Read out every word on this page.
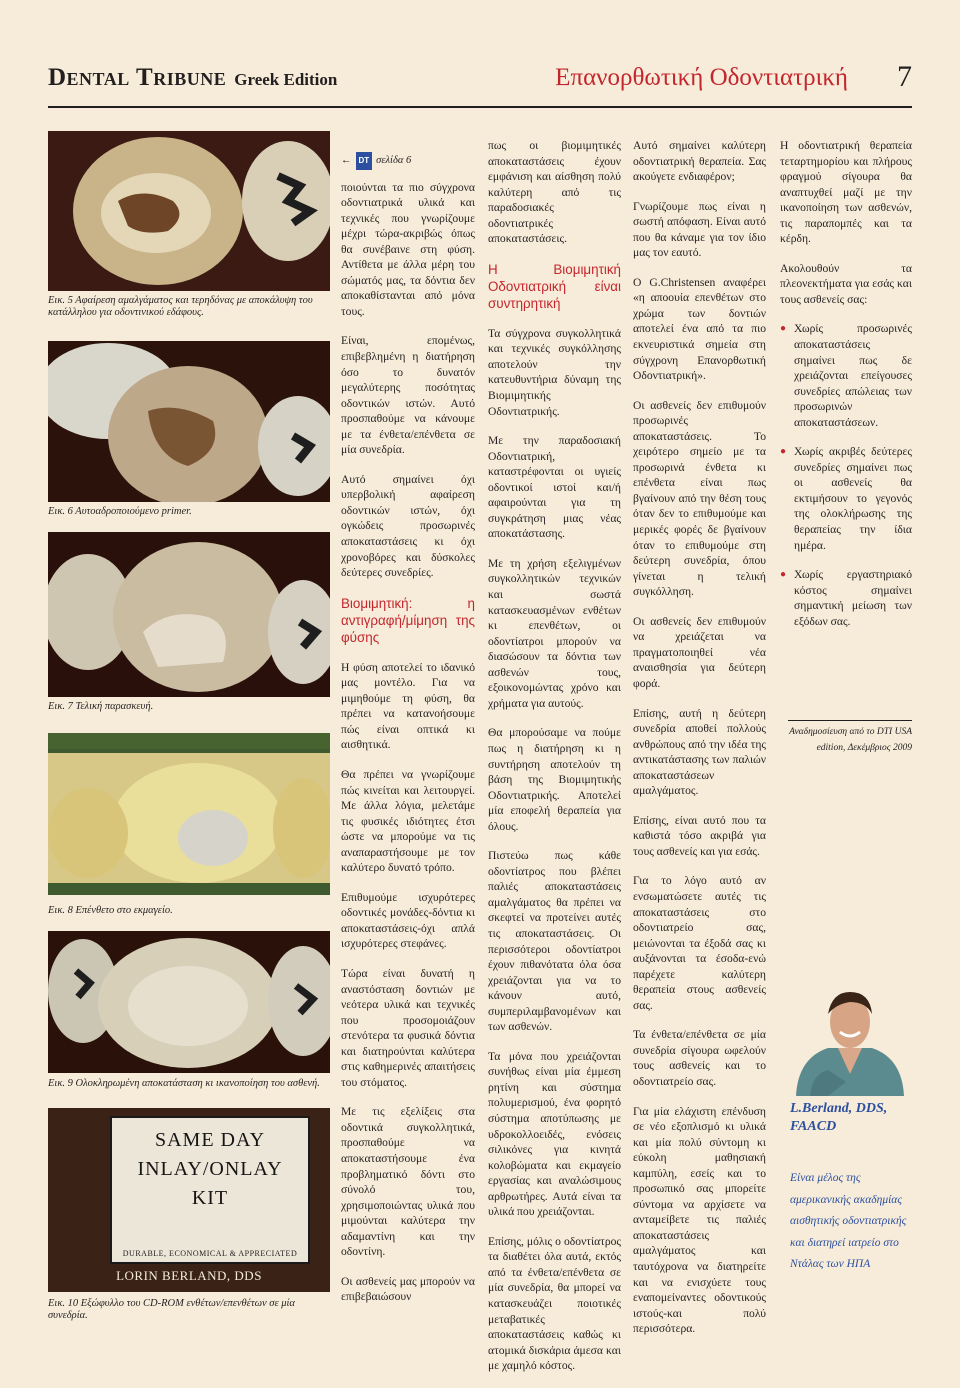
Dental Tribune Greek Edition	Επανορθωτική Οδοντιατρική 7
Εικ. 5 Αφαίρεση αμαλγάματος και τερηδόνας με αποκάλυψη του κατάλληλου για οδοντινικού εδάφους.
Εικ. 6 Αυτοαδροποιούμενο primer.
Εικ. 7 Τελική παρασκευή.
Εικ. 8 Επένθετο στο εκμαγείο.
Εικ. 9 Ολοκληρωμένη αποκατάσταση κι ικανοποίηση του ασθενή.
SAME DAY
INLAY/ONLAY
KIT
DURABLE, ECONOMICAL & APPRECIATED
LORIN BERLAND, DDS
Εικ. 10 Εξώφυλλο του CD-ROM ενθέτων/επενθέτων σε μία συνεδρία.
← DT σελίδα 6

ποιούνται τα πιο σύγχρονα οδοντιατρικά υλικά και τεχνικές που γνωρίζουμε μέχρι τώρα-ακριβώς όπως θα συνέβαινε στη φύση. Αντίθετα με άλλα μέρη του σώματός μας, τα δόντια δεν αποκαθίστανται από μόνα τους.

Είναι, επομένως, επιβεβλημένη η διατήρηση όσο το δυνατόν μεγαλύτερης ποσότητας οδοντικών ιστών. Αυτό προσπαθούμε να κάνουμε με τα ένθετα/επένθετα σε μία συνεδρία.

Αυτό σημαίνει όχι υπερβολική αφαίρεση οδοντικών ιστών, όχι ογκώδεις προσωρινές αποκαταστάσεις κι όχι χρονοβόρες και δύσκολες δεύτερες συνεδρίες.

Βιομιμητική: η αντιγραφή/μίμηση της φύσης

Η φύση αποτελεί το ιδανικό μας μοντέλο. Για να μιμηθούμε τη φύση, θα πρέπει να κατανοήσουμε πώς είναι οπτικά κι αισθητικά.

Θα πρέπει να γνωρίζουμε πώς κινείται και λειτουργεί. Με άλλα λόγια, μελετάμε τις φυσικές ιδιότητες έτσι ώστε να μπορούμε να τις αναπαραστήσουμε με τον καλύτερο δυνατό τρόπο.

Επιθυμούμε ισχυρότερες οδοντικές μονάδες-δόντια κι αποκαταστάσεις-όχι απλά ισχυρότερες στεφάνες.

Τώρα είναι δυνατή η αναστόσταση δοντιών με νεότερα υλικά και τεχνικές που προσομοιάζουν στενότερα τα φυσικά δόντια και διατηρούνται καλύτερα στις καθημερινές απαιτήσεις του στόματος.

Με τις εξελίξεις στα οδοντικά συγκολλητικά, προσπαθούμε να αποκαταστήσουμε ένα προβληματικό δόντι στο σύνολό του, χρησιμοποιώντας υλικά που μιμούνται καλύτερα την αδαμαντίνη και την οδοντίνη.

Οι ασθενείς μας μπορούν να επιβεβαιώσουν

πως οι βιομιμητικές αποκαταστάσεις έχουν εμφάνιση και αίσθηση πολύ καλύτερη από τις παραδοσιακές οδοντιατρικές αποκαταστάσεις.

Η Βιομιμητική Οδοντιατρική είναι συντηρητική

Τα σύγχρονα συγκολλητικά και τεχνικές συγκόλλησης αποτελούν την κατευθυντήρια δύναμη της Βιομιμητικής Οδοντιατρικής.

Με την παραδοσιακή Οδοντιατρική, καταστρέφονται οι υγιείς οδοντικοί ιστοί και/ή αφαιρούνται για τη συγκράτηση μιας νέας αποκατάστασης.

Με τη χρήση εξελιγμένων συγκολλητικών τεχνικών και σωστά κατασκευασμένων ενθέτων κι επενθέτων, οι οδοντίατροι μπορούν να διασώσουν τα δόντια των ασθενών τους, εξοικονομώντας χρόνο και χρήματα για αυτούς.

Θα μπορούσαμε να πούμε πως η διατήρηση κι η συντήρηση αποτελούν τη βάση της Βιομιμητικής Οδοντιατρικής. Αποτελεί μία εποφελή θεραπεία για όλους.

Πιστεύω πως κάθε οδοντίατρος που βλέπει παλιές αποκαταστάσεις αμαλγάματος θα πρέπει να σκεφτεί να προτείνει αυτές τις αποκαταστάσεις. Οι περισσότεροι οδοντίατροι έχουν πιθανότατα όλα όσα χρειάζονται για να το κάνουν αυτό, συμπεριλαμβανομένων και των ασθενών.

Τα μόνα που χρειάζονται συνήθως είναι μία έμμεση ρητίνη και σύστημα πολυμερισμού, ένα φορητό σύστημα αποτύπωσης με υδροκολλοειδές, ενόσεις σιλικόνες για κινητά κολοβώματα και εκμαγείο εργασίας και αναλώσιμους αρθρωτήρες. Αυτά είναι τα υλικά που χρειάζονται.

Επίσης, μόλις ο οδοντίατρος τα διαθέτει όλα αυτά, εκτός από τα ένθετα/επένθετα σε μία συνεδρία, θα μπορεί να κατασκευάζει ποιοτικές μεταβατικές αποκαταστάσεις καθώς κι ατομικά δισκάρια άμεσα και με χαμηλό κόστος.

Αυτό σημαίνει καλύτερη οδοντιατρική θεραπεία. Σας ακούγετε ενδιαφέρον;

Γνωρίζουμε πως είναι η σωστή απόφαση. Είναι αυτό που θα κάναμε για τον ίδιο μας τον εαυτό.

Ο G.Christensen αναφέρει «η αποουία επενθέτων στο χρώμα των δοντιών αποτελεί ένα από τα πιο εκνευριστικά σημεία στη σύγχρονη Επανορθωτική Οδοντιατρική».

Οι ασθενείς δεν επιθυμούν προσωρινές αποκαταστάσεις. Το χειρότερο σημείο με τα προσωρινά ένθετα κι επένθετα είναι πως βγαίνουν από την θέση τους όταν δεν το επιθυμούμε και μερικές φορές δε βγαίνουν όταν το επιθυμούμε στη δεύτερη συνεδρία, όπου γίνεται η τελική συγκόλληση.

Οι ασθενείς δεν επιθυμούν να χρειάζεται να πραγματοποιηθεί νέα αναισθησία για δεύτερη φορά.

Επίσης, αυτή η δεύτερη συνεδρία αποθεί πολλούς ανθρώπους από την ιδέα της αντικατάστασης των παλιών αποκαταστάσεων αμαλγάματος.

Επίσης, είναι αυτό που τα καθιστά τόσο ακριβά για τους ασθενείς και για εσάς.

Για το λόγο αυτό αν ενσωματώσετε αυτές τις αποκαταστάσεις στο οδοντιατρείο σας, μειώνονται τα έξοδά σας κι αυξάνονται τα έσοδα-ενώ παρέχετε καλύτερη θεραπεία στους ασθενείς σας.

Τα ένθετα/επένθετα σε μία συνεδρία σίγουρα ωφελούν τους ασθενείς και το οδοντιατρείο σας.

Για μία ελάχιστη επένδυση σε νέο εξοπλισμό κι υλικά και μία πολύ σύντομη κι εύκολη μαθησιακή καμπύλη, εσείς και το προσωπικό σας μπορείτε σύντομα να αρχίσετε να ανταμείβετε τις παλιές αποκαταστάσεις αμαλγάματος και ταυτόχρονα να διατηρείτε και να ενισχύετε τους εναπομείναντες οδοντικούς ιστούς-και πολύ περισσότερα.

Η οδοντιατρική θεραπεία τεταρτημορίου και πλήρους φραγμού σίγουρα θα αναπτυχθεί μαζί με την ικανοποίηση των ασθενών, τις παραπομπές και τα κέρδη.

Ακολουθούν τα πλεονεκτήματα για εσάς και τους ασθενείς σας:

● Χωρίς προσωρινές αποκαταστάσεις σημαίνει πως δε χρειάζονται επείγουσες συνεδρίες απώλειας των προσωρινών αποκαταστάσεων.
● Χωρίς ακριβές δεύτερες συνεδρίες σημαίνει πως οι ασθενείς θα εκτιμήσουν το γεγονός της ολοκλήρωσης της θεραπείας την ίδια ημέρα.
● Χωρίς εργαστηριακό κόστος σημαίνει σημαντική μείωση των εξόδων σας.
Αναδημοσίευση από το DTI USA
edition, Δεκέμβριος 2009
L.Berland, DDS, FAACD
Είναι μέλος της αμερικανικής ακαδημίας αισθητικής οδοντιατρικής και διατηρεί ιατρείο στο Ντάλας των ΗΠΑ
